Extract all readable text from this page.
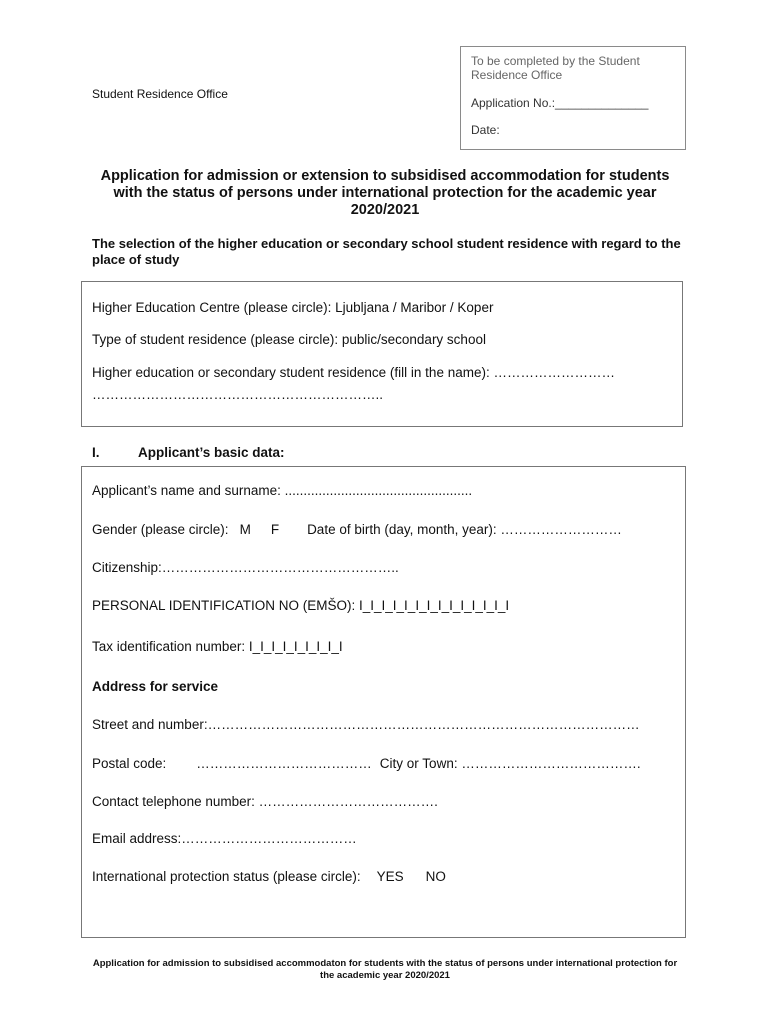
Student Residence Office
To be completed by the Student Residence Office
Application No.:______________
Date:
Application for admission or extension to subsidised accommodation for students with the status of persons under international protection for the academic year 2020/2021
The selection of the higher education or secondary school student residence with regard to the place of study
Higher Education Centre (please circle): Ljubljana / Maribor / Koper
Type of student residence (please circle): public/secondary school
Higher education or secondary student residence (fill in the name): ………………………
………………………………………………………..
I.	Applicant’s basic data:
Applicant’s name and surname: ..................................................
Gender (please circle): M F Date of birth (day, month, year): ………………………
Citizenship:……………………………………………..
PERSONAL IDENTIFICATION NO (EMŠO): I_I_I_I_I_I_I_I_I_I_I_I_I_I
Tax identification number: I_I_I_I_I_I_I_I_I
Address for service
Street and number:……………………………………………………………………………………
Postal code: ………………………………… City or Town: ………………………………….
Contact telephone number: ………………………………….
Email address:…………………………………
International protection status (please circle): YES NO
Application for admission to subsidised accommodaton for students with the status of persons under international protection for the academic year 2020/2021
